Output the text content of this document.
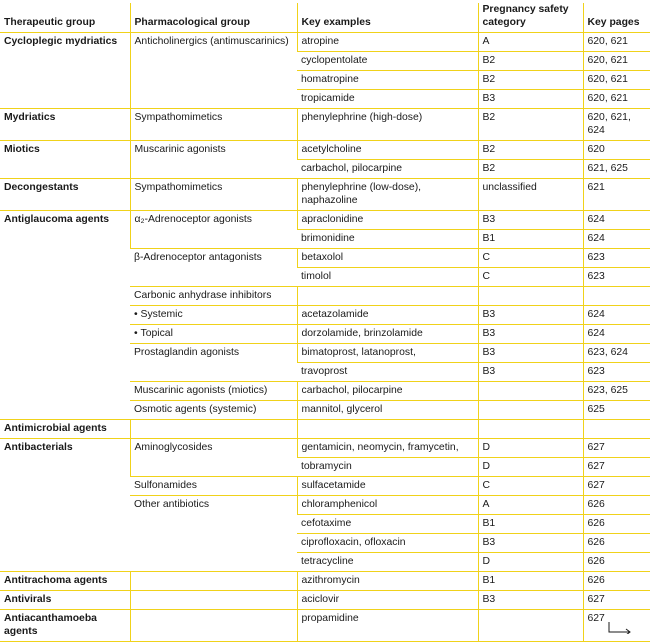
Therapeutic group	Pharmacological group	Key examples	Pregnancy safety category	Key pages
Cycloplegic mydriatics	Anticholinergics (antimuscarinics)	atropine	A	620, 621
		cyclopentolate	B2	620, 621
		homatropine	B2	620, 621
		tropicamide	B3	620, 621
Mydriatics	Sympathomimetics	phenylephrine (high-dose)	B2	620, 621, 624
Miotics	Muscarinic agonists	acetylcholine	B2	620
		carbachol, pilocarpine	B2	621, 625
Decongestants	Sympathomimetics	phenylephrine (low-dose), naphazoline	unclassified	621
Antiglaucoma agents	α₂-Adrenoceptor agonists	apraclonidine	B3	624
		brimonidine	B1	624
	β-Adrenoceptor antagonists	betaxolol	C	623
		timolol	C	623
	Carbonic anhydrase inhibitors			
	• Systemic	acetazolamide	B3	624
	• Topical	dorzolamide, brinzolamide	B3	624
	Prostaglandin agonists	bimatoprost, latanoprost,	B3	623, 624
		travoprost	B3	623
	Muscarinic agonists (miotics)	carbachol, pilocarpine		623, 625
	Osmotic agents (systemic)	mannitol, glycerol		625
Antimicrobial agents				
Antibacterials	Aminoglycosides	gentamicin, neomycin, framycetin,	D	627
		tobramycin	D	627
	Sulfonamides	sulfacetamide	C	627
	Other antibiotics	chloramphenicol	A	626
		cefotaxime	B1	626
		ciprofloxacin, ofloxacin	B3	626
		tetracycline	D	626
Antitrachoma agents		azithromycin	B1	626
Antivirals		aciclovir	B3	627
Antiacanthamoeba agents		propamidine		627
